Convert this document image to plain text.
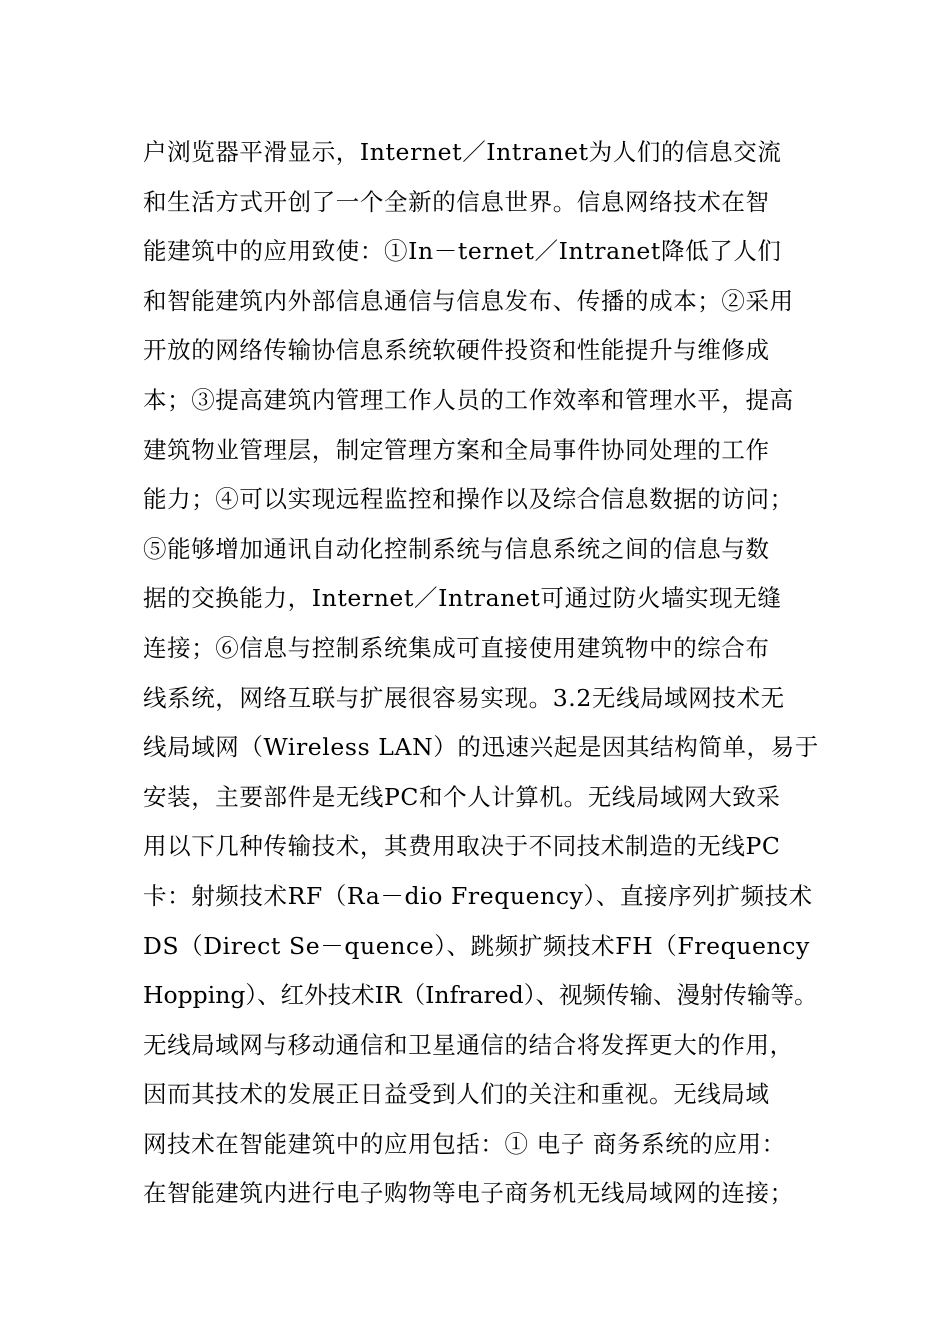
户浏览器平滑显示，Internet／Intranet为人们的信息交流
和生活方式开创了一个全新的信息世界。信息网络技术在智
能建筑中的应用致使：①In－ternet／Intranet降低了人们
和智能建筑内外部信息通信与信息发布、传播的成本；②采用
开放的网络传输协信息系统软硬件投资和性能提升与维修成
本；③提高建筑内管理工作人员的工作效率和管理水平，提高
建筑物业管理层，制定管理方案和全局事件协同处理的工作
能力；④可以实现远程监控和操作以及综合信息数据的访问；
⑤能够增加通讯自动化控制系统与信息系统之间的信息与数
据的交换能力，Internet／Intranet可通过防火墙实现无缝
连接；⑥信息与控制系统集成可直接使用建筑物中的综合布
线系统，网络互联与扩展很容易实现。3.2无线局域网技术无
线局域网（Wireless LAN）的迅速兴起是因其结构简单，易于
安装，主要部件是无线PC和个人计算机。无线局域网大致采
用以下几种传输技术，其费用取决于不同技术制造的无线PC
卡：射频技术RF（Ra－dio Frequency）、直接序列扩频技术
DS（Direct Se－quence）、跳频扩频技术FH（Frequency
Hopping）、红外技术IR（Infrared）、视频传输、漫射传输等。
无线局域网与移动通信和卫星通信的结合将发挥更大的作用，
因而其技术的发展正日益受到人们的关注和重视。无线局域
网技术在智能建筑中的应用包括：① 电子 商务系统的应用：
在智能建筑内进行电子购物等电子商务机无线局域网的连接；
